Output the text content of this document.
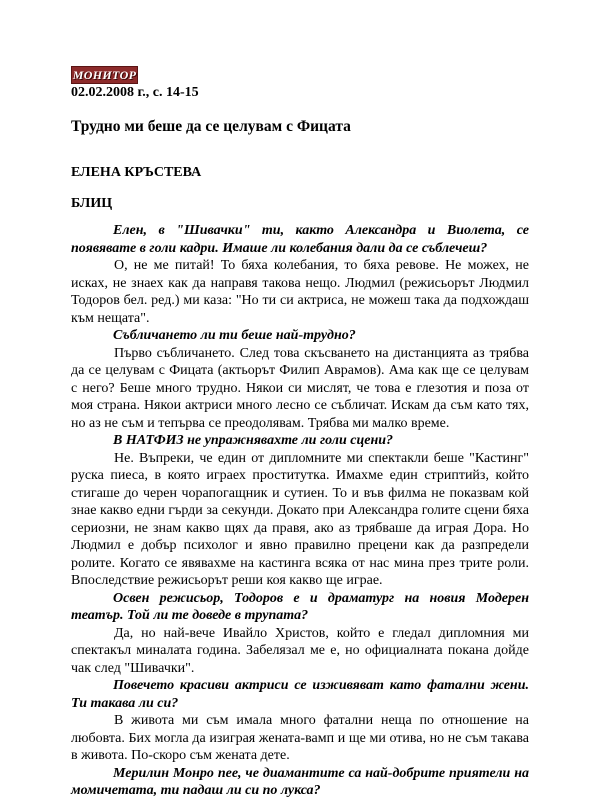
МОНИТОР
02.02.2008 г., с. 14-15
Трудно ми беше да се целувам с Фицата
ЕЛЕНА КРЪСТЕВА
БЛИЦ

Елен, в "Шивачки" ти, както Александра и Виолета, се появявате в голи кадри. Имаше ли колебания дали да се съблечеш?

О, не ме питай! То бяха колебания, то бяха ревове. Не можех, не исках, не знаех как да направя такова нещо. Людмил (режисьорът Людмил Тодоров бел. ред.) ми каза: "Но ти си актриса, не можеш така да подхождаш към нещата".

Събличането ли ти беше най-трудно?

Първо събличането. След това скъсването на дистанцията аз трябва да се целувам с Фицата (актьорът Филип Аврамов). Ама как ще се целувам с него? Беше много трудно. Някои си мислят, че това е глезотия и поза от моя страна. Някои актриси много лесно се събличат. Искам да съм като тях, но аз не съм и тепърва се преодолявам. Трябва ми малко време.

В НАТФИЗ не упражнявахте ли голи сцени?

Не. Въпреки, че един от дипломните ми спектакли беше "Кастинг" руска пиеса, в която играех проститутка. Имахме един стриптийз, който стигаше до черен чорапогащник и сутиен. То и във филма не показвам кой знае какво едни гърди за секунди. Докато при Александра голите сцени бяха сериозни, не знам какво щях да правя, ако аз трябваше да играя Дора. Но Людмил е добър психолог и явно правилно прецени как да разпредели ролите. Когато се явявахме на кастинга всяка от нас мина през трите роли. Впоследствие режисьорът реши коя какво ще играе.

Освен режисьор, Тодоров е и драматург на новия Модерен театър. Той ли те доведе в трупата?

Да, но най-вече Ивайло Христов, който е гледал дипломния ми спектакъл миналата година. Забелязал ме е, но официалната покана дойде чак след "Шивачки".

Повечето красиви актриси се изживяват като фатални жени. Ти такава ли си?

В живота ми съм имала много фатални неща по отношение на любовта. Бих могла да изиграя жената-вамп и ще ми отива, но не съм такава в живота. По-скоро съм жената дете.

Мерилин Монро пее, че диамантите са най-добрите приятели на момичетата, ти падаш ли си по лукса?
